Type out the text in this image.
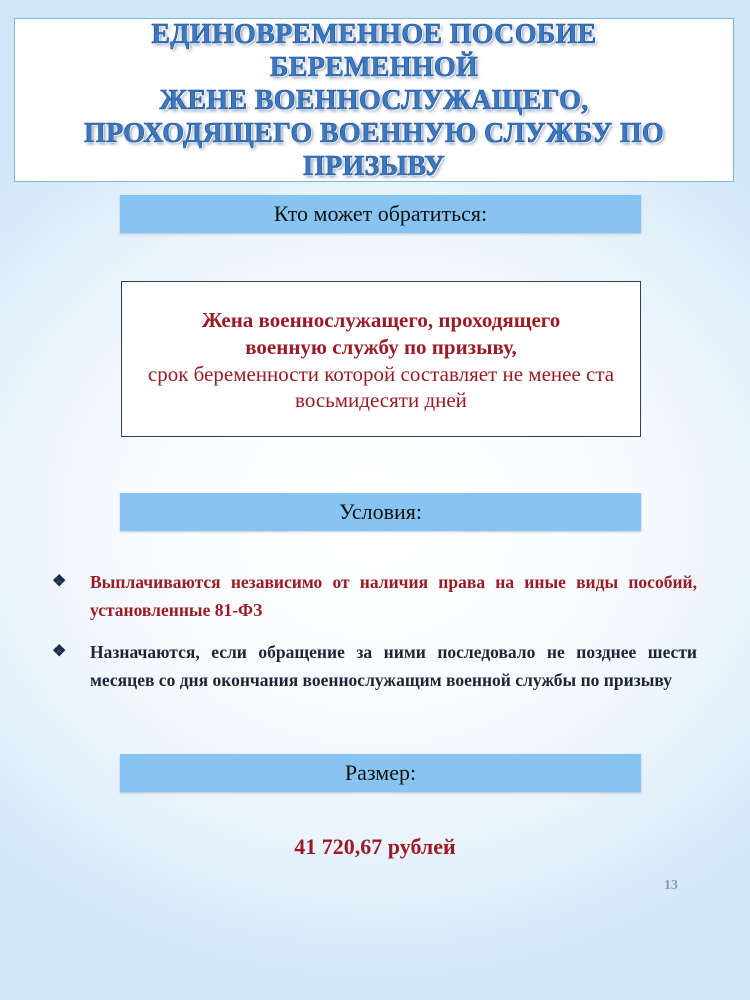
ЕДИНОВРЕМЕННОЕ ПОСОБИЕ БЕРЕМЕННОЙ
ЖЕНЕ ВОЕННОСЛУЖАЩЕГО,
ПРОХОДЯЩЕГО ВОЕННУЮ СЛУЖБУ ПО
ПРИЗЫВУ
Кто может обратиться:
Жена военнослужащего, проходящего военную службу по призыву,
срок беременности которой составляет не менее ста восьмидесяти дней
Условия:
❖ Выплачиваются независимо от наличия права на иные виды пособий, установленные 81-ФЗ
❖ Назначаются, если обращение за ними последовало не позднее шести месяцев со дня окончания военнослужащим военной службы по призыву
Размер:
41 720,67 рублей
13
